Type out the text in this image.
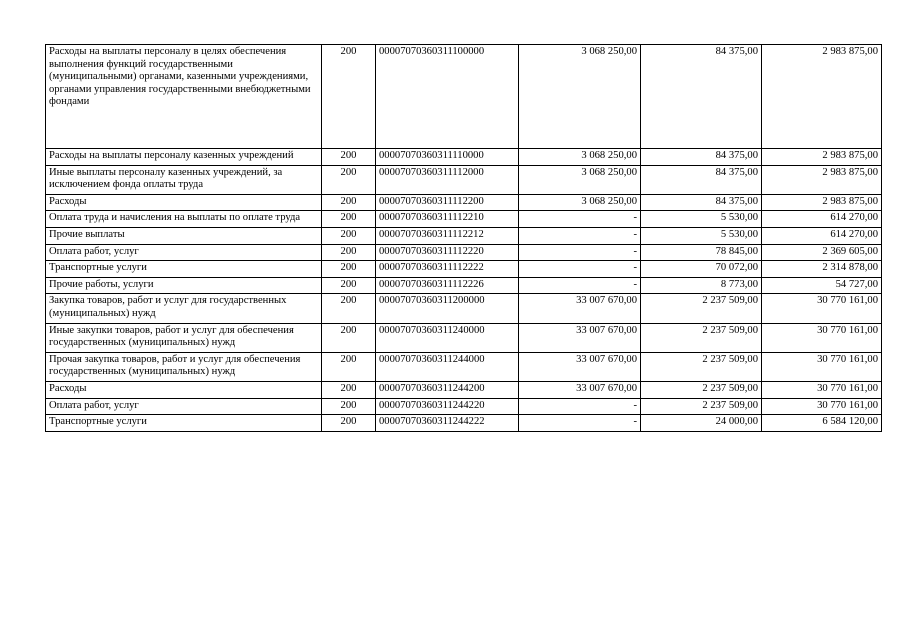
Расходы на выплаты персоналу в целях обеспечения выполнения функций государственными (муниципальными) органами, казенными учреждениями, органами управления государственными внебюджетными фондами	200	00007070360311100000	3 068 250,00	84 375,00	2 983 875,00
Расходы на выплаты персоналу казенных учреждений	200	00007070360311110000	3 068 250,00	84 375,00	2 983 875,00
Иные выплаты персоналу казенных учреждений, за исключением фонда оплаты труда	200	00007070360311112000	3 068 250,00	84 375,00	2 983 875,00
Расходы	200	00007070360311112200	3 068 250,00	84 375,00	2 983 875,00
Оплата труда и начисления на выплаты по оплате труда	200	00007070360311112210	-	5 530,00	614 270,00
Прочие выплаты	200	00007070360311112212	-	5 530,00	614 270,00
Оплата работ, услуг	200	00007070360311112220	-	78 845,00	2 369 605,00
Транспортные услуги	200	00007070360311112222	-	70 072,00	2 314 878,00
Прочие работы, услуги	200	00007070360311112226	-	8 773,00	54 727,00
Закупка товаров, работ и услуг для государственных (муниципальных) нужд	200	00007070360311200000	33 007 670,00	2 237 509,00	30 770 161,00
Иные закупки товаров, работ и услуг для обеспечения государственных (муниципальных) нужд	200	00007070360311240000	33 007 670,00	2 237 509,00	30 770 161,00
Прочая закупка товаров, работ и услуг для обеспечения государственных (муниципальных) нужд	200	00007070360311244000	33 007 670,00	2 237 509,00	30 770 161,00
Расходы	200	00007070360311244200	33 007 670,00	2 237 509,00	30 770 161,00
Оплата работ, услуг	200	00007070360311244220	-	2 237 509,00	30 770 161,00
Транспортные услуги	200	00007070360311244222	-	24 000,00	6 584 120,00
